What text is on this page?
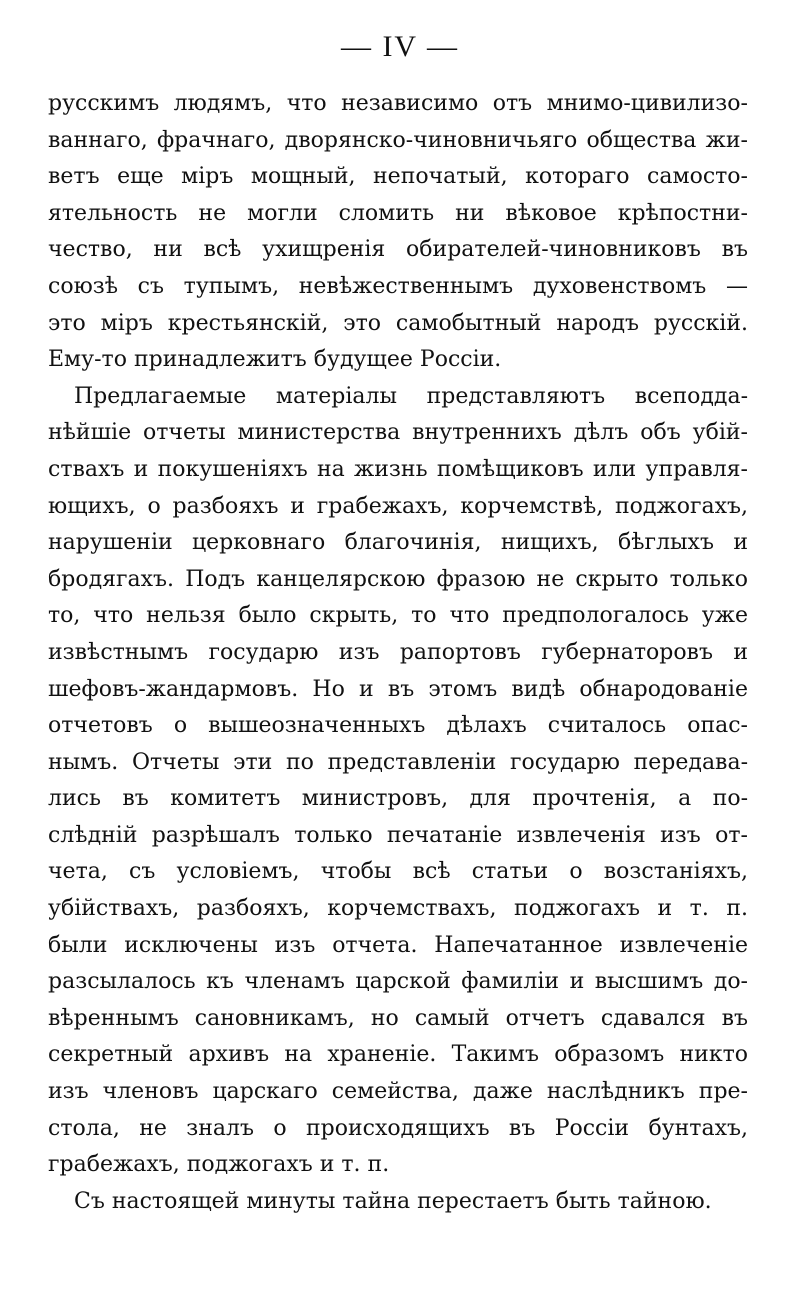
— IV —
русскимъ людямъ, что независимо отъ мнимо-цивилизо-
ваннаго, фрачнаго, дворянско-чиновничьяго общества жи-
ветъ еще міръ мощный, непочатый, котораго самосто-
ятельность не могли сломить ни вѣковое крѣпостни-
чество, ни всѣ ухищренія обирателей-чиновниковъ въ
союзѣ съ тупымъ, невѣжественнымъ духовенствомъ —
это міръ крестьянскій, это самобытный народъ русскій.
Ему-то принадлежитъ будущее Россіи.
Предлагаемые матеріалы представляютъ всеподда-
нѣйшіе отчеты министерства внутреннихъ дѣлъ объ убій-
ствахъ и покушеніяхъ на жизнь помѣщиковъ или управля-
ющихъ, о разбояхъ и грабежахъ, корчемствѣ, поджогахъ,
нарушеніи церковнаго благочинія, нищихъ, бѣглыхъ и
бродягахъ. Подъ канцелярскою фразою не скрыто только
то, что нельзя было скрыть, то что предпологалось уже
извѣстнымъ государю изъ рапортовъ губернаторовъ и
шефовъ-жандармовъ. Но и въ этомъ видѣ обнародованіе
отчетовъ о вышеозначенныхъ дѣлахъ считалось опас-
нымъ. Отчеты эти по представленіи государю передава-
лись въ комитетъ министровъ, для прочтенія, а по-
слѣдній разрѣшалъ только печатаніе извлеченія изъ от-
чета, съ условіемъ, чтобы всѣ статьи о возстаніяхъ,
убійствахъ, разбояхъ, корчемствахъ, поджогахъ и т. п.
были исключены изъ отчета. Напечатанное извлеченіе
разсылалось къ членамъ царской фамиліи и высшимъ до-
вѣреннымъ сановникамъ, но самый отчетъ сдавался въ
секретный архивъ на храненіе. Такимъ образомъ никто
изъ членовъ царскаго семейства, даже наслѣдникъ пре-
стола, не зналъ о происходящихъ въ Россіи бунтахъ,
грабежахъ, поджогахъ и т. п.
Съ настоящей минуты тайна перестаетъ быть тайною.
